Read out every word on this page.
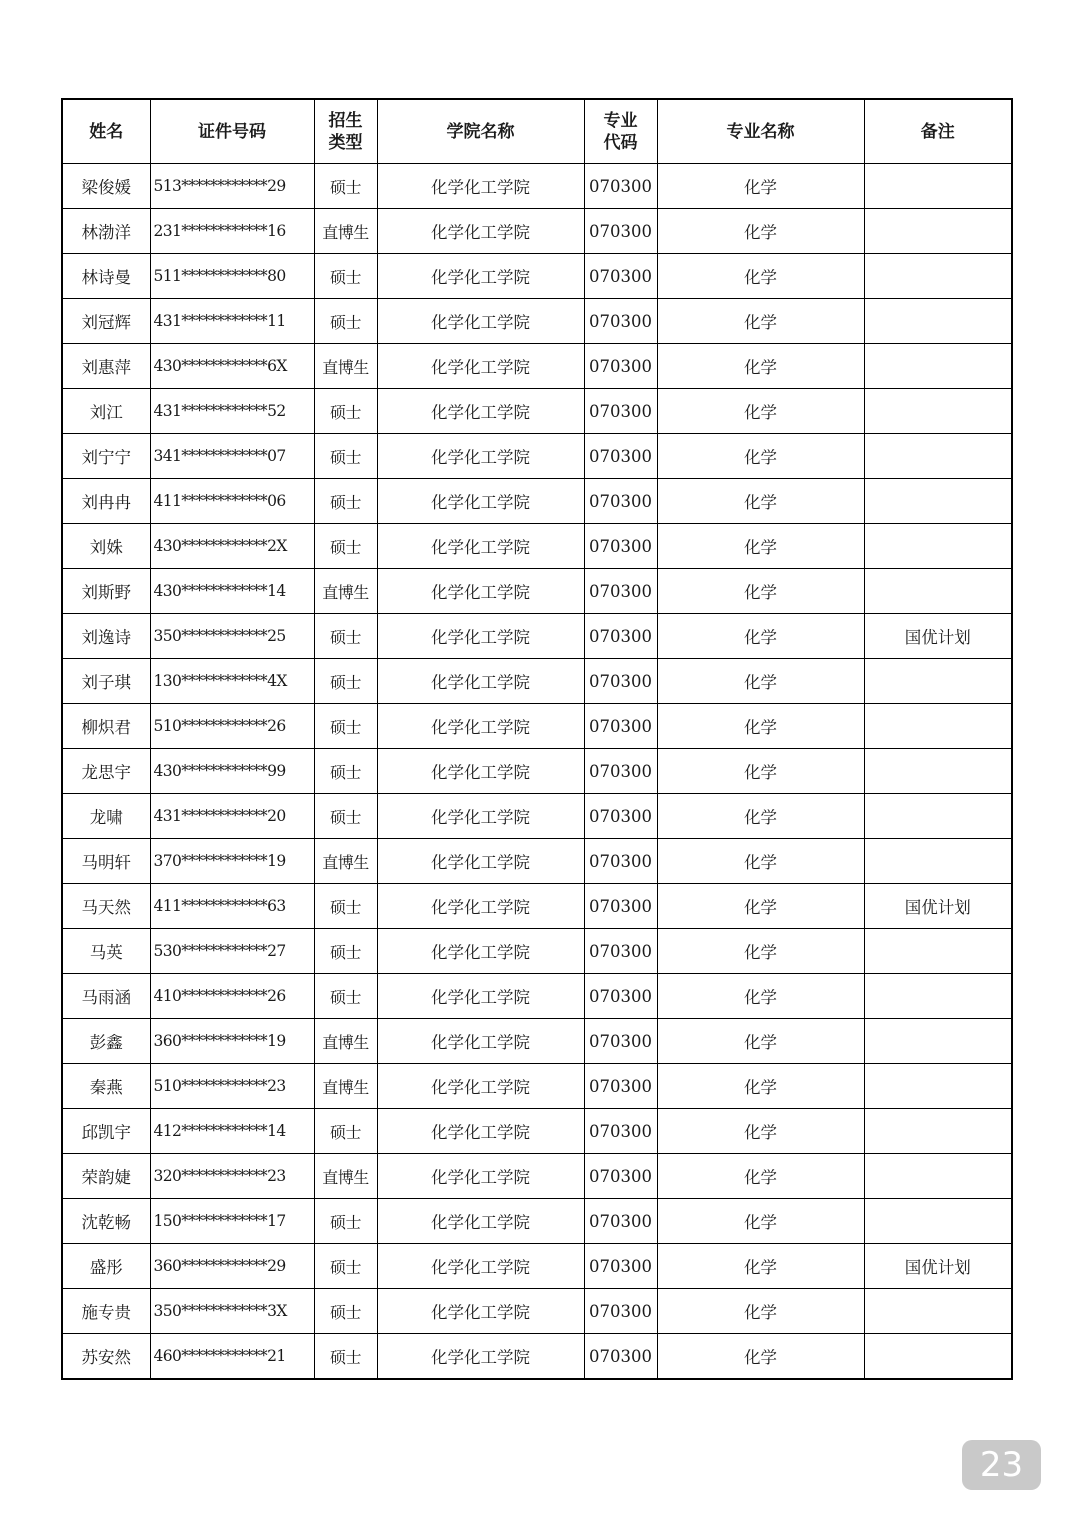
姓名	证件号码	招生类型	学院名称	专业代码	专业名称	备注
梁俊媛	513************29	硕士	化学化工学院	070300	化学	
林渤洋	231************16	直博生	化学化工学院	070300	化学	
林诗曼	511************80	硕士	化学化工学院	070300	化学	
刘冠辉	431************11	硕士	化学化工学院	070300	化学	
刘惠萍	430************6X	直博生	化学化工学院	070300	化学	
刘江	431************52	硕士	化学化工学院	070300	化学	
刘宁宁	341************07	硕士	化学化工学院	070300	化学	
刘冉冉	411************06	硕士	化学化工学院	070300	化学	
刘姝	430************2X	硕士	化学化工学院	070300	化学	
刘斯野	430************14	直博生	化学化工学院	070300	化学	
刘逸诗	350************25	硕士	化学化工学院	070300	化学	国优计划
刘子琪	130************4X	硕士	化学化工学院	070300	化学	
柳炽君	510************26	硕士	化学化工学院	070300	化学	
龙思宇	430************99	硕士	化学化工学院	070300	化学	
龙啸	431************20	硕士	化学化工学院	070300	化学	
马明轩	370************19	直博生	化学化工学院	070300	化学	
马天然	411************63	硕士	化学化工学院	070300	化学	国优计划
马英	530************27	硕士	化学化工学院	070300	化学	
马雨涵	410************26	硕士	化学化工学院	070300	化学	
彭鑫	360************19	直博生	化学化工学院	070300	化学	
秦燕	510************23	直博生	化学化工学院	070300	化学	
邱凯宇	412************14	硕士	化学化工学院	070300	化学	
荣韵婕	320************23	直博生	化学化工学院	070300	化学	
沈乾畅	150************17	硕士	化学化工学院	070300	化学	
盛彤	360************29	硕士	化学化工学院	070300	化学	国优计划
施专贵	350************3X	硕士	化学化工学院	070300	化学	
苏安然	460************21	硕士	化学化工学院	070300	化学	
23
